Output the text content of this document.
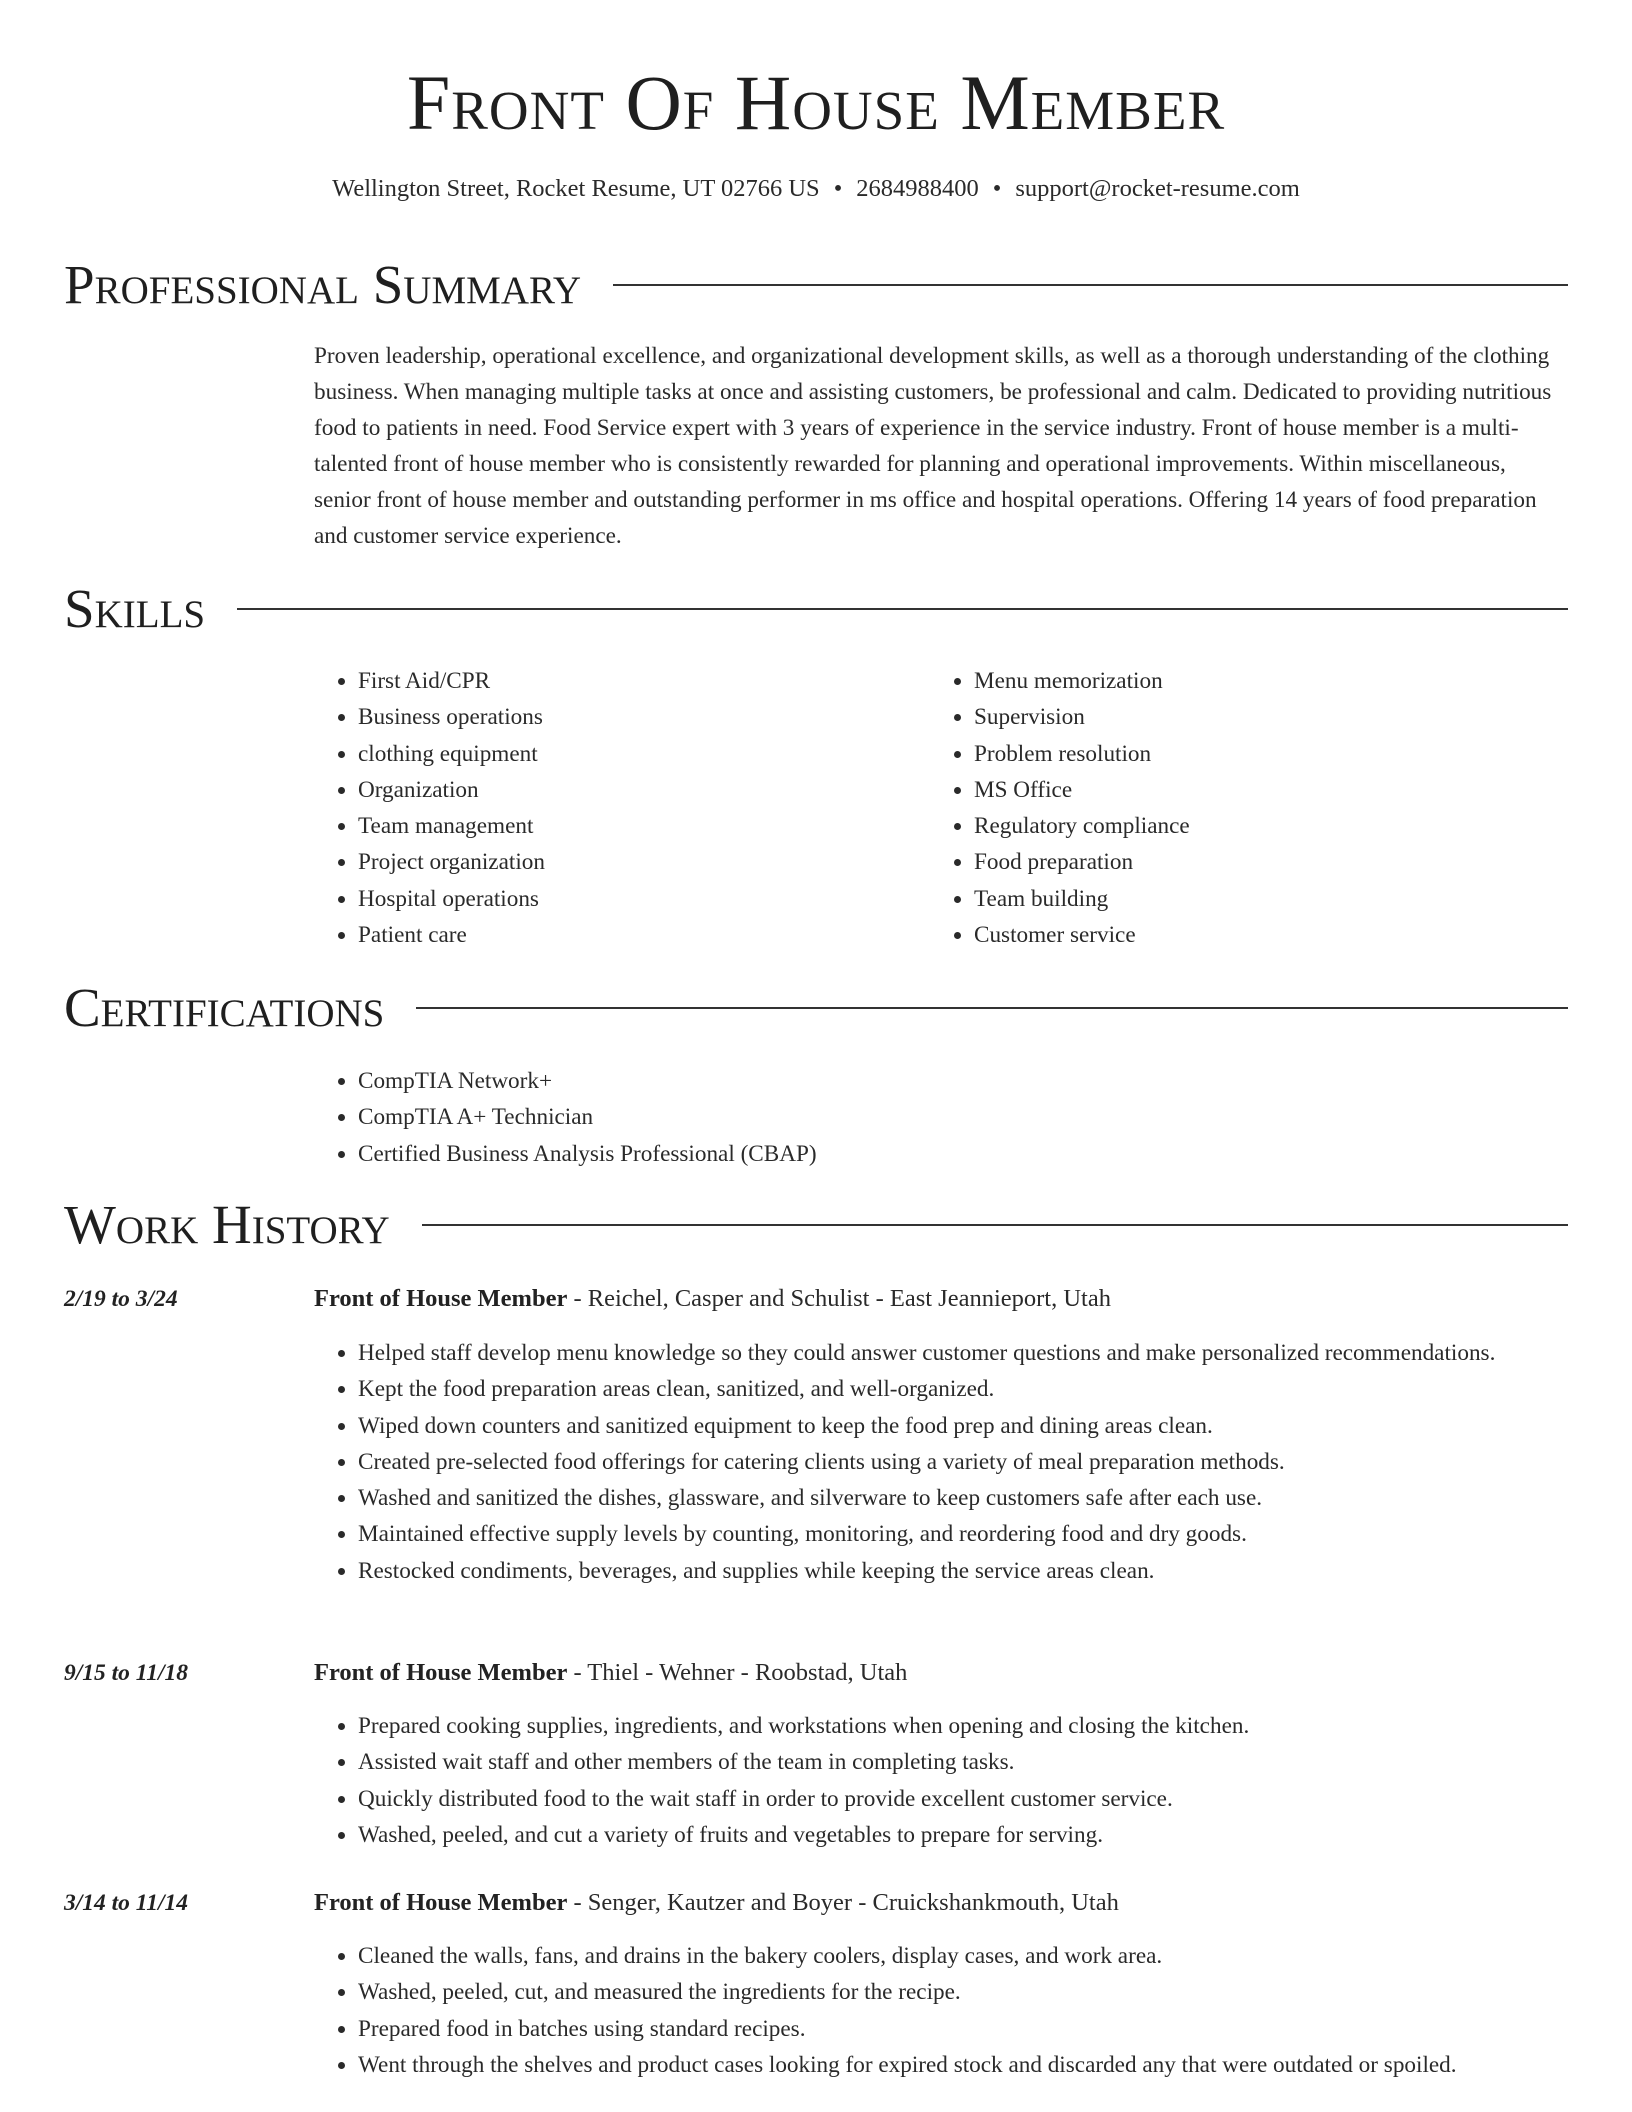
Front Of House Member
Wellington Street, Rocket Resume, UT 02766 US • 2684988400 • support@rocket-resume.com
Professional Summary

Proven leadership, operational excellence, and organizational development skills, as well as a thorough understanding of the clothing business. When managing multiple tasks at once and assisting customers, be professional and calm. Dedicated to providing nutritious food to patients in need. Food Service expert with 3 years of experience in the service industry. Front of house member is a multi-talented front of house member who is consistently rewarded for planning and operational improvements. Within miscellaneous, senior front of house member and outstanding performer in ms office and hospital operations. Offering 14 years of food preparation and customer service experience.

Skills
• First Aid/CPR
• Business operations
• clothing equipment
• Organization
• Team management
• Project organization
• Hospital operations
• Patient care
• Menu memorization
• Supervision
• Problem resolution
• MS Office
• Regulatory compliance
• Food preparation
• Team building
• Customer service
Certifications
• CompTIA Network+
• CompTIA A+ Technician
• Certified Business Analysis Professional (CBAP)
Work History
2/19 to 3/24	Front of House Member - Reichel, Casper and Schulist - East Jeannieport, Utah
• Helped staff develop menu knowledge so they could answer customer questions and make personalized recommendations.
• Kept the food preparation areas clean, sanitized, and well-organized.
• Wiped down counters and sanitized equipment to keep the food prep and dining areas clean.
• Created pre-selected food offerings for catering clients using a variety of meal preparation methods.
• Washed and sanitized the dishes, glassware, and silverware to keep customers safe after each use.
• Maintained effective supply levels by counting, monitoring, and reordering food and dry goods.
• Restocked condiments, beverages, and supplies while keeping the service areas clean.
9/15 to 11/18	Front of House Member - Thiel - Wehner - Roobstad, Utah
• Prepared cooking supplies, ingredients, and workstations when opening and closing the kitchen.
• Assisted wait staff and other members of the team in completing tasks.
• Quickly distributed food to the wait staff in order to provide excellent customer service.
• Washed, peeled, and cut a variety of fruits and vegetables to prepare for serving.
3/14 to 11/14	Front of House Member - Senger, Kautzer and Boyer - Cruickshankmouth, Utah
• Cleaned the walls, fans, and drains in the bakery coolers, display cases, and work area.
• Washed, peeled, cut, and measured the ingredients for the recipe.
• Prepared food in batches using standard recipes.
• Went through the shelves and product cases looking for expired stock and discarded any that were outdated or spoiled.
